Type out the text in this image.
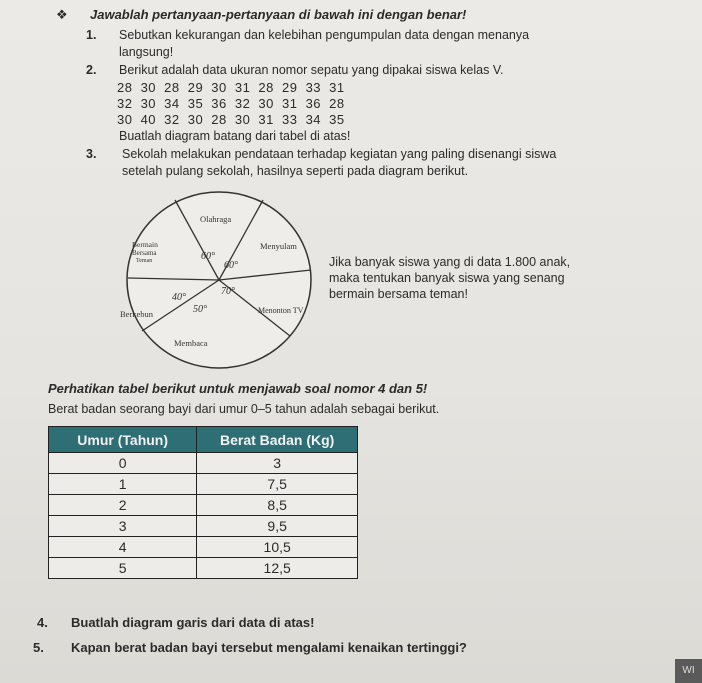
❖ Jawablah pertanyaan-pertanyaan di bawah ini dengan benar!
1. Sebutkan kekurangan dan kelebihan pengumpulan data dengan menanya
langsung!
2. Berikut adalah data ukuran nomor sepatu yang dipakai siswa kelas V.
28 30 28 29 30 31 28 29 33 31
32 30 34 35 36 32 30 31 36 28
30 40 32 30 28 30 31 33 34 35
Buatlah diagram batang dari tabel di atas!
3. Sekolah melakukan pendataan terhadap kegiatan yang paling disenangi siswa
setelah pulang sekolah, hasilnya seperti pada diagram berikut.
Olahraga
Bermain
Bersama
Teman
Menyulam
Berkebun	Menonton TV
Membaca
60°
60°
40°
70°
50°
Jika banyak siswa yang di data 1.800 anak,
maka tentukan banyak siswa yang senang
bermain bersama teman!
Perhatikan tabel berikut untuk menjawab soal nomor 4 dan 5!
Berat badan seorang bayi dari umur 0–5 tahun adalah sebagai berikut.
Umur (Tahun)	Berat Badan (Kg)
0	3
1	7,5
2	8,5
3	9,5
4	10,5
5	12,5
4. Buatlah diagram garis dari data di atas!
5. Kapan berat badan bayi tersebut mengalami kenaikan tertinggi?
WI
